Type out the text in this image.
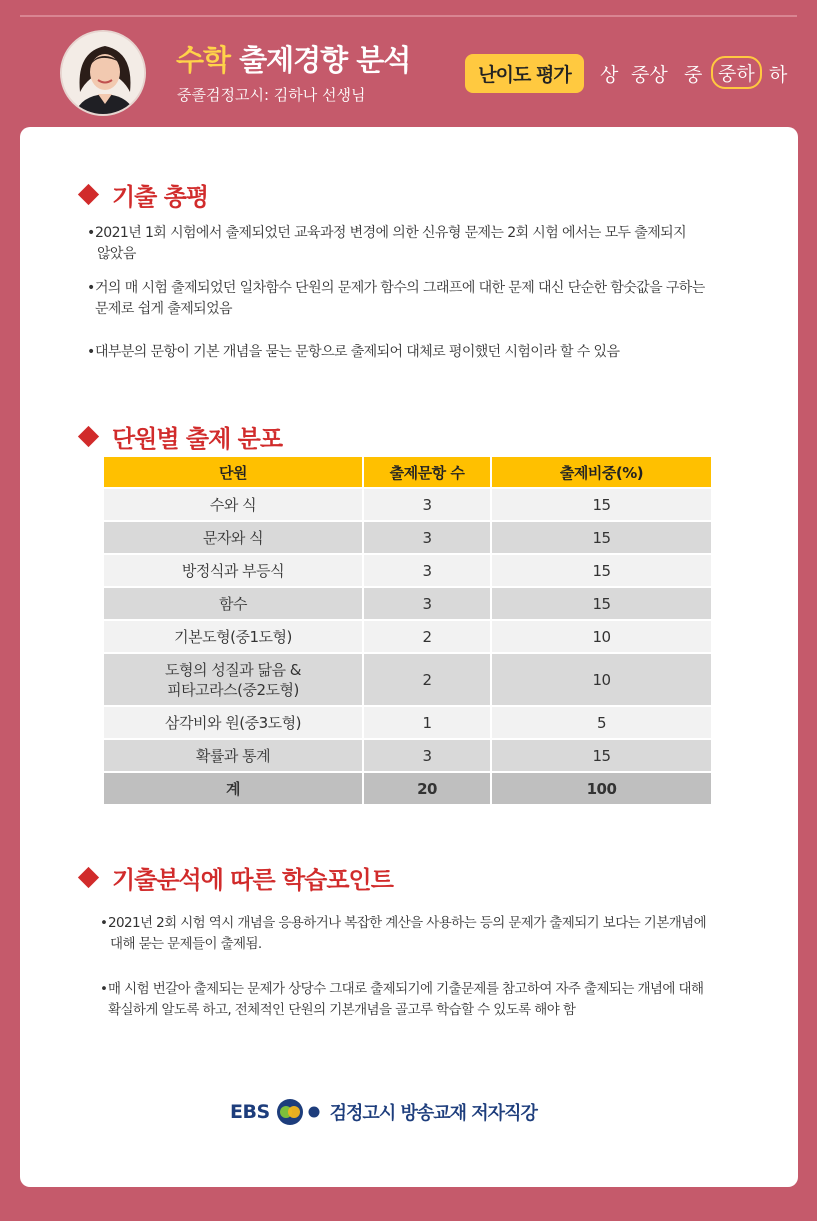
수학 출제경향 분석
중졸검정고시: 김하나 선생님
난이도 평가	상 중상 중 중하 하
기출 총평
• 2021년 1회 시험에서 출제되었던 교육과정 변경에 의한 신유형 문제는 2회 시험 에서는 모두 출제되지
않았음
• 거의 매 시험 출제되었던 일차함수 단원의 문제가 함수의 그래프에 대한 문제 대신 단순한 함숫값을 구하는
문제로 쉽게 출제되었음
• 대부분의 문항이 기본 개념을 묻는 문항으로 출제되어 대체로 평이했던 시험이라 할 수 있음
단원별 출제 분포
단원	출제문항 수	출제비중(%)
수와 식	3	15
문자와 식	3	15
방정식과 부등식	3	15
함수	3	15
기본도형(중1도형)	2	10
도형의 성질과 닮음 &
피타고라스(중2도형)	2	10
삼각비와 원(중3도형)	1	5
확률과 통계	3	15
계	20	100
기출분석에 따른 학습포인트
• 2021년 2회 시험 역시 개념을 응용하거나 복잡한 계산을 사용하는 등의 문제가 출제되기 보다는 기본개념에
대해 묻는 문제들이 출제됨.
• 매 시험 번갈아 출제되는 문제가 상당수 그대로 출제되기에 기출문제를 참고하여 자주 출제되는 개념에 대해
확실하게 알도록 하고, 전체적인 단원의 기본개념을 골고루 학습할 수 있도록 해야 함
EBS	검정고시 방송교재 저자직강
